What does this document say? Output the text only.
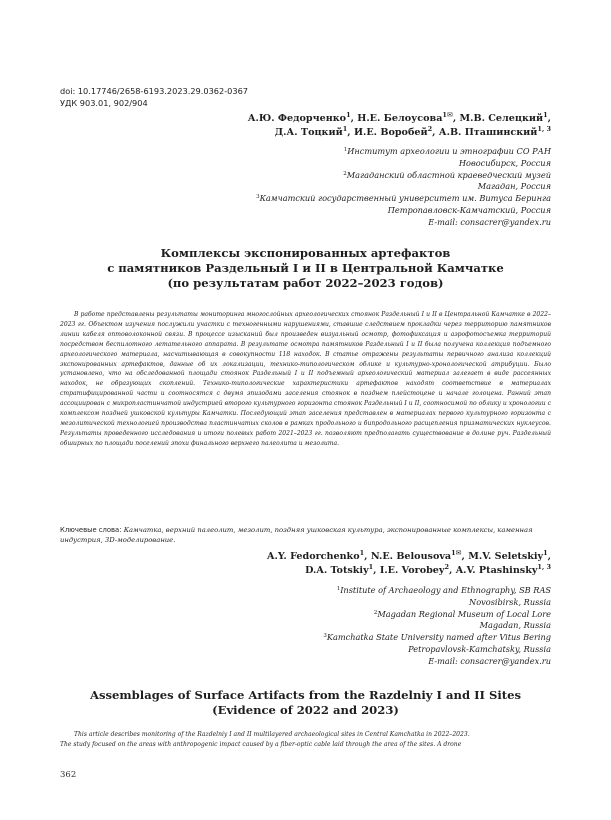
doi: 10.17746/2658-6193.2023.29.0362-0367
УДК 903.01, 902/904
А.Ю. Федорченко$^1$, Н.Е. Белоусова$^1$✉, М.В. Селецкий$^1$,
Д.А. Тоцкий$^1$, И.Е. Воробей$^2$, А.В. Пташинский$^{1, 3}$
$^1$Институт археологии и этнографии СО РАН
Новосибирск, Россия
$^2$Магаданский областной краеведческий музей
Магадан, Россия
$^3$Камчатский государственный университет им. Витуса Беринга
Петропавловск-Камчатский, Россия
E-mail: consacrer@yandex.ru
Комплексы экспонированных артефактов
с памятников Раздельный I и II в Центральной Камчатке
(по результатам работ 2022–2023 годов)

В работе представлены результаты мониторинга многослойных археологических стоянок Раздельный I и II в Центральной Камчатке в 2022–2023 гг. Объектом изучения послужили участки с техногенными нарушениями, ставшие следствием прокладки через территорию памятников линии кабеля оптоволоконной связи. В процессе изысканий был произведен визуальный осмотр, фотофиксация и аэрофотосъемка территорий посредством беспилотного летательного аппарата. В результате осмотра памятников Раздельный I и II была получена коллекция подъемного археологического материала, насчитывающая в совокупности 118 находок. В статье отражены результаты первичного анализа коллекций экспонированных артефактов, данные об их локализации, технико-типологическом облике и культурно-хронологической атрибуции. Было установлено, что на обследованной площади стоянок Раздельный I и II подъемный археологический материал залегает в виде рассеянных находок, не образующих скоплений. Технико-типологические характеристики артефактов находят соответствие в материалах стратифицированной части и соотносятся с двумя эпизодами заселения стоянок в позднем плейстоцене и начале голоцена. Ранний этап ассоциирован с микропластинчатой индустрией второго культурного горизонта стоянок Раздельный I и II, соотносимой по облику и хронологии с комплексом поздней ушковской культуры Камчатки. Последующий этап заселения представлен в материалах первого культурного горизонта с мезолитической технологией производства пластинчатых сколов в рамках продольного и бипродольного расщепления призматических нуклеусов. Результаты проведенного исследования и итоги полевых работ 2021–2023 гг. позволяют предполагать существование в долине руч. Раздельный обширных по площади поселений эпохи финального верхнего палеолита и мезолита.

Ключевые слова: Камчатка, верхний палеолит, мезолит, поздняя ушковская культура, экспонированные комплексы, каменная индустрия, 3D-моделирование.

A.Y. Fedorchenko$^1$, N.E. Belousova$^1$✉, M.V. Seletskiy$^1$,
D.A. Totskiy$^1$, I.E. Vorobey$^2$, A.V. Ptashinsky$^{1, 3}$
$^1$Institute of Archaeology and Ethnography, SB RAS
Novosibirsk, Russia
$^2$Magadan Regional Museum of Local Lore
Magadan, Russia
$^3$Kamchatka State University named after Vitus Bering
Petropavlovsk-Kamchatsky, Russia
E-mail: consacrer@yandex.ru
Assemblages of Surface Artifacts from the Razdelniy I and II Sites
(Evidence of 2022 and 2023)
This article describes monitoring of the Razdelniy I and II multilayered archaeological sites in Central Kamchatka in 2022–2023.
The study focused on the areas with anthropogenic impact caused by a fiber-optic cable laid through the area of the sites. A drone
362
